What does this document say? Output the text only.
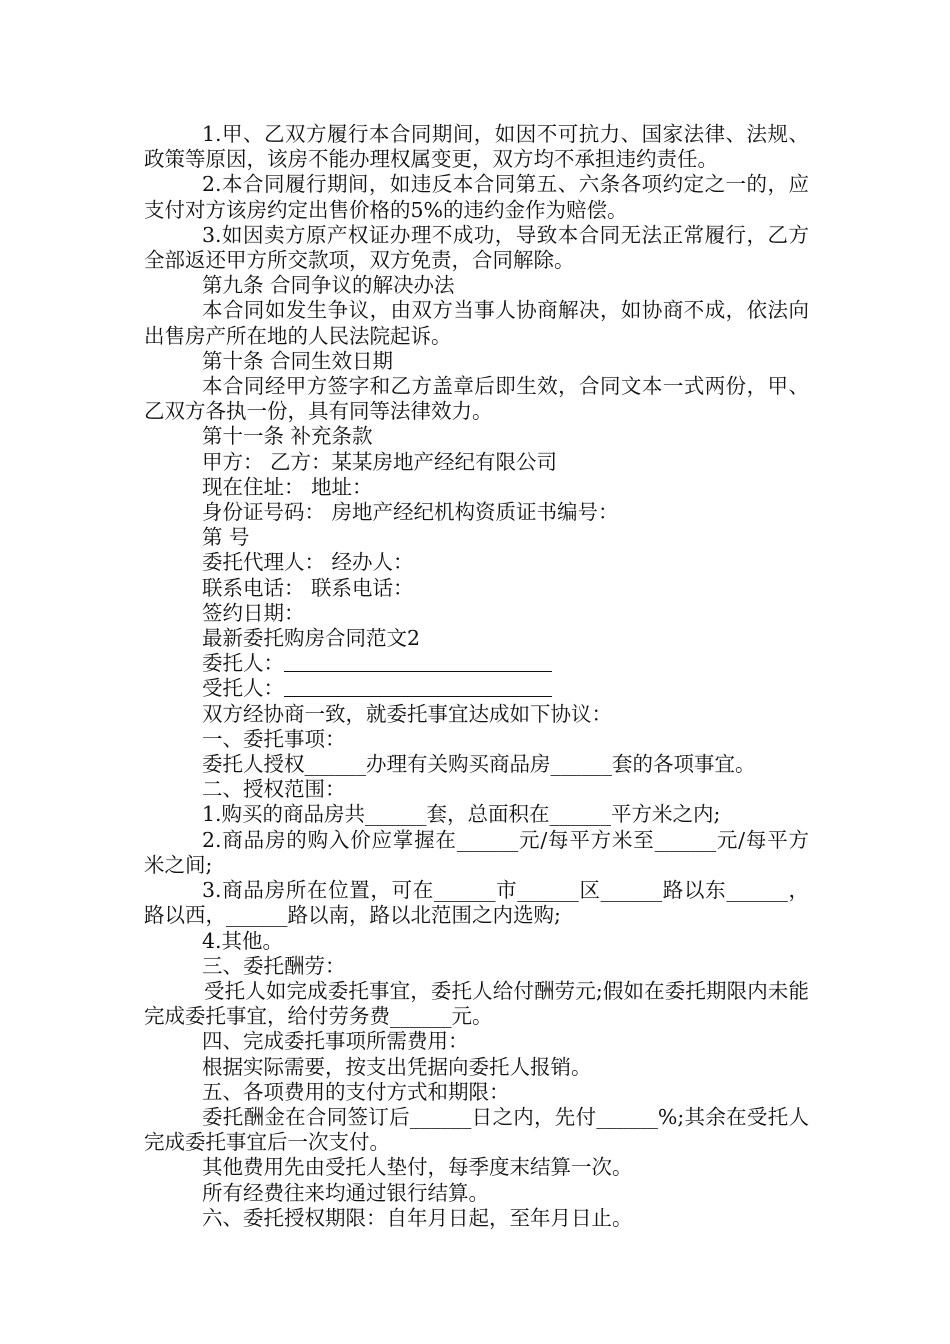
1.甲、乙双方履行本合同期间，如因不可抗力、国家法律、法规、政策等原因，该房不能办理权属变更，双方均不承担违约责任。

2.本合同履行期间，如违反本合同第五、六条各项约定之一的，应支付对方该房约定出售价格的5%的违约金作为赔偿。

3.如因卖方原产权证办理不成功，导致本合同无法正常履行，乙方全部返还甲方所交款项，双方免责，合同解除。

第九条 合同争议的解决办法

本合同如发生争议，由双方当事人协商解决，如协商不成，依法向出售房产所在地的人民法院起诉。

第十条 合同生效日期

本合同经甲方签字和乙方盖章后即生效，合同文本一式两份，甲、乙双方各执一份，具有同等法律效力。

第十一条 补充条款

甲方： 乙方：某某房地产经纪有限公司

现在住址： 地址：

身份证号码： 房地产经纪机构资质证书编号：

第 号

委托代理人： 经办人：

联系电话： 联系电话：

签约日期：

最新委托购房合同范文2

委托人：

受托人：

双方经协商一致，就委托事宜达成如下协议：

一、委托事项：

委托人授权______办理有关购买商品房______套的各项事宜。

二、授权范围：

1.购买的商品房共______套，总面积在______平方米之内;

2.商品房的购入价应掌握在______元/每平方米至______元/每平方米之间;

3.商品房所在位置，可在______市______区______路以东______，路以西，______路以南，路以北范围之内选购;

4.其他。

三、委托酬劳：

受托人如完成委托事宜，委托人给付酬劳元;假如在委托期限内未能完成委托事宜，给付劳务费______元。

四、完成委托事项所需费用：

根据实际需要，按支出凭据向委托人报销。

五、各项费用的支付方式和期限：

委托酬金在合同签订后______日之内，先付______%;其余在受托人完成委托事宜后一次支付。

其他费用先由受托人垫付，每季度末结算一次。

所有经费往来均通过银行结算。

六、委托授权期限：自年月日起，至年月日止。
